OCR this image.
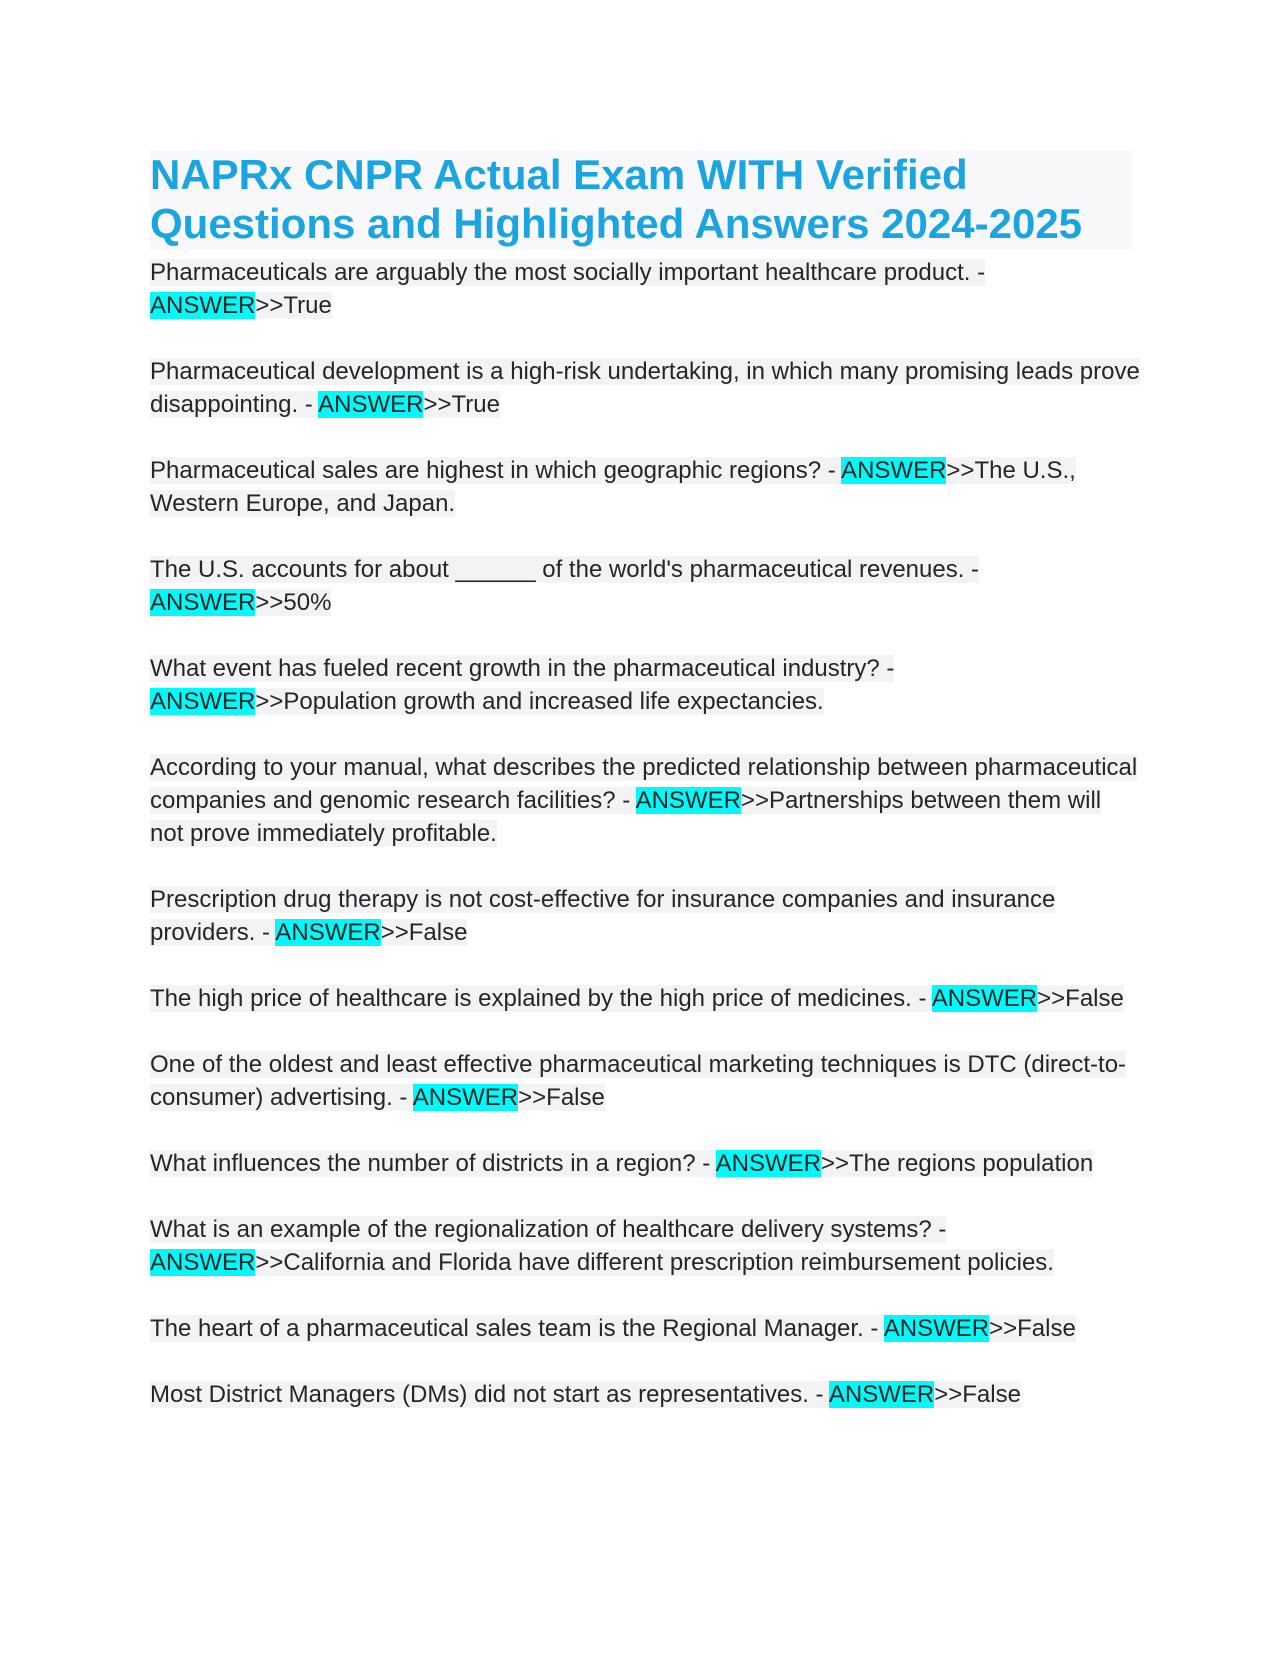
NAPRx CNPR Actual Exam WITH Verified Questions and Highlighted Answers 2024-2025
Pharmaceuticals are arguably the most socially important healthcare product. - ANSWER>>True
Pharmaceutical development is a high-risk undertaking, in which many promising leads prove disappointing. - ANSWER>>True
Pharmaceutical sales are highest in which geographic regions? - ANSWER>>The U.S., Western Europe, and Japan.
The U.S. accounts for about ______ of the world's pharmaceutical revenues. - ANSWER>>50%
What event has fueled recent growth in the pharmaceutical industry? - ANSWER>>Population growth and increased life expectancies.
According to your manual, what describes the predicted relationship between pharmaceutical companies and genomic research facilities? - ANSWER>>Partnerships between them will not prove immediately profitable.
Prescription drug therapy is not cost-effective for insurance companies and insurance providers. - ANSWER>>False
The high price of healthcare is explained by the high price of medicines. - ANSWER>>False
One of the oldest and least effective pharmaceutical marketing techniques is DTC (direct-to-consumer) advertising. - ANSWER>>False
What influences the number of districts in a region? - ANSWER>>The regions population
What is an example of the regionalization of healthcare delivery systems? - ANSWER>>California and Florida have different prescription reimbursement policies.
The heart of a pharmaceutical sales team is the Regional Manager. - ANSWER>>False
Most District Managers (DMs) did not start as representatives. - ANSWER>>False
